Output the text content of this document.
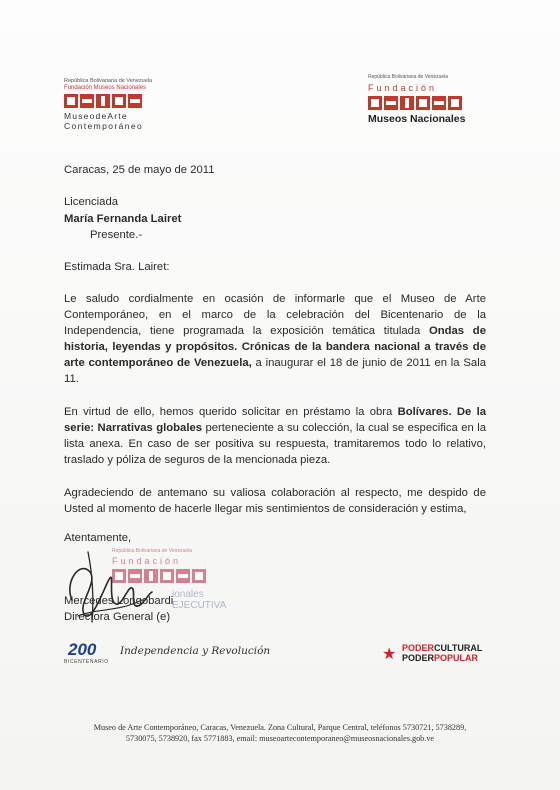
República Bolivariana de Venezuela
Fundación Museos Nacionales
MuseodeArte
Contemporáneo
República Bolivariana de Venezuela
Fundación
Museos Nacionales
Caracas, 25 de mayo de 2011
Licenciada
María Fernanda Lairet
Presente.-
Estimada Sra. Lairet:
Le saludo cordialmente en ocasión de informarle que el Museo de Arte Contemporáneo, en el marco de la celebración del Bicentenario de la Independencia, tiene programada la exposición temática titulada Ondas de historia, leyendas y propósitos. Crónicas de la bandera nacional a través de arte contemporáneo de Venezuela, a inaugurar el 18 de junio de 2011 en la Sala 11.
En virtud de ello, hemos querido solicitar en préstamo la obra Bolívares. De la serie: Narrativas globales perteneciente a su colección, la cual se especifica en la lista anexa. En caso de ser positiva su respuesta, tramitaremos todo lo relativo, traslado y póliza de seguros de la mencionada pieza.
Agradeciendo de antemano su valiosa colaboración al respecto, me despido de Usted al momento de hacerle llegar mis sentimientos de consideración y estima,
República Bolivariana de Venezuela
Fundación
ionales
EJECUTIVA
Atentamente,
Mercedes Longobardi
Directora General (e)
200
BICENTENARIO
Independencia y Revolución	★ PODERCULTURAL
PODERPOPULAR
Museo de Arte Contemporáneo, Caracas, Venezuela. Zona Cultural, Parque Central, teléfonos 5730721, 5738289,
5730075, 5738920, fax 5771883, email: museoartecontemporaneo@museosnacionales.gob.ve
